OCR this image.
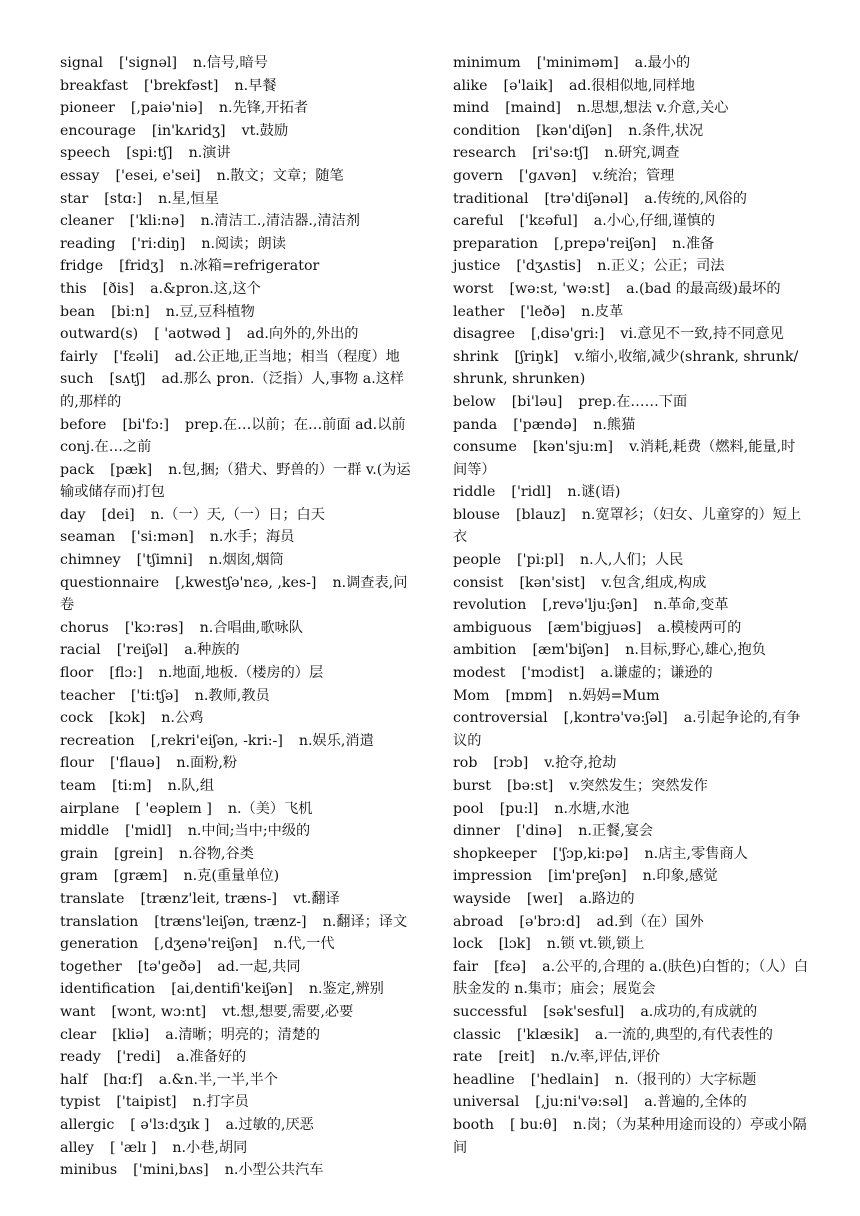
signal ['signəl] n.信号,暗号
breakfast ['brekfəst] n.早餐
pioneer [,paiə'niə] n.先锋,开拓者
encourage [in'kʌridʒ] vt.鼓励
speech [spi:tʃ] n.演讲
essay ['esei, e'sei] n.散文；文章；随笔
star [stɑ:] n.星,恒星
cleaner ['kli:nə] n.清洁工.,清洁器.,清洁剂
reading ['ri:diŋ] n.阅读；朗读
fridge [fridʒ] n.冰箱=refrigerator
this [ðis] a.&pron.这,这个
bean [bi:n] n.豆,豆科植物
outward(s) [ 'aʊtwəd ] ad.向外的,外出的
fairly ['fɛəli] ad.公正地,正当地；相当（程度）地
such [sʌtʃ] ad.那么 pron.（泛指）人,事物 a.这样的,那样的
before [bi'fɔ:] prep.在…以前；在…前面 ad.以前 conj.在…之前
pack [pæk] n.包,捆;（猎犬、野兽的）一群 v.(为运输或储存而)打包
day [dei] n.（一）天,（一）日；白天
seaman ['si:mən] n.水手；海员
chimney ['tʃimni] n.烟囱,烟筒
questionnaire [,kwestʃə'nɛə, ,kes-] n.调查表,问卷
chorus ['kɔ:rəs] n.合唱曲,歌咏队
racial ['reiʃəl] a.种族的
floor [flɔ:] n.地面,地板.（楼房的）层
teacher ['ti:tʃə] n.教师,教员
cock [kɔk] n.公鸡
recreation [,rekri'eiʃən, -kri:-] n.娱乐,消遣
flour ['flauə] n.面粉,粉
team [ti:m] n.队,组
airplane [ 'eəpleɪn ] n.（美）飞机
middle ['midl] n.中间;当中;中级的
grain [grein] n.谷物,谷类
gram [græm] n.克(重量单位)
translate [trænz'leit, træns-] vt.翻译
translation [træns'leiʃən, trænz-] n.翻译；译文
generation [,dʒenə'reiʃən] n.代,一代
together [tə'geðə] ad.一起,共同
identification [ai,dentifi'keiʃən] n.鉴定,辨别
want [wɔnt, wɔ:nt] vt.想,想要,需要,必要
clear [kliə] a.清晰；明亮的；清楚的
ready ['redi] a.准备好的
half [hɑ:f] a.&n.半,一半,半个
typist ['taipist] n.打字员
allergic [ ə'lɜ:dʒɪk ] a.过敏的,厌恶
alley [ 'ælɪ ] n.小巷,胡同
minibus ['mini,bʌs] n.小型公共汽车
minimum ['miniməm] a.最小的
alike [ə'laik] ad.很相似地,同样地
mind [maind] n.思想,想法 v.介意,关心
condition [kən'diʃən] n.条件,状况
research [ri'sə:tʃ] n.研究,调查
govern ['gʌvən] v.统治；管理
traditional [trə'diʃənəl] a.传统的,风俗的
careful ['kɛəful] a.小心,仔细,谨慎的
preparation [,prepə'reiʃən] n.准备
justice ['dʒʌstis] n.正义；公正；司法
worst [wə:st, 'wə:st] a.(bad 的最高级)最坏的
leather ['leðə] n.皮革
disagree [ˌdisə'gri:] vi.意见不一致,持不同意见
shrink [ʃriŋk] v.缩小,收缩,减少(shrank, shrunk/ shrunk, shrunken)
below [bi'ləu] prep.在……下面
panda ['pændə] n.熊猫
consume [kən'sju:m] v.消耗,耗费（燃料,能量,时间等）
riddle ['ridl] n.谜(语)
blouse [blauz] n.宽罩衫；（妇女、儿童穿的）短上衣
people ['pi:pl] n.人,人们；人民
consist [kən'sist] v.包含,组成,构成
revolution [,revə'lju:ʃən] n.革命,变革
ambiguous [æm'bigjuəs] a.模棱两可的
ambition [æm'biʃən] n.目标,野心,雄心,抱负
modest ['mɔdist] a.谦虚的；谦逊的
Mom [mɒm] n.妈妈=Mum
controversial [,kɔntrə'və:ʃəl] a.引起争论的,有争议的
rob [rɔb] v.抢夺,抢劫
burst [bə:st] v.突然发生；突然发作
pool [pu:l] n.水塘,水池
dinner ['dinə] n.正餐,宴会
shopkeeper ['ʃɔp,ki:pə] n.店主,零售商人
impression [im'preʃən] n.印象,感觉
wayside [weɪ] a.路边的
abroad [ə'brɔ:d] ad.到（在）国外
lock [lɔk] n.锁 vt.锁,锁上
fair [fɛə] a.公平的,合理的 a.(肤色)白皙的；（人）白肤金发的 n.集市；庙会；展览会
successful [sək'sesful] a.成功的,有成就的
classic ['klæsik] a.一流的,典型的,有代表性的
rate [reit] n./v.率,评估,评价
headline ['hedlain] n.（报刊的）大字标题
universal [,ju:ni'və:səl] a.普遍的,全体的
booth [ bu:θ] n.岗；（为某种用途而设的）亭或小隔间
